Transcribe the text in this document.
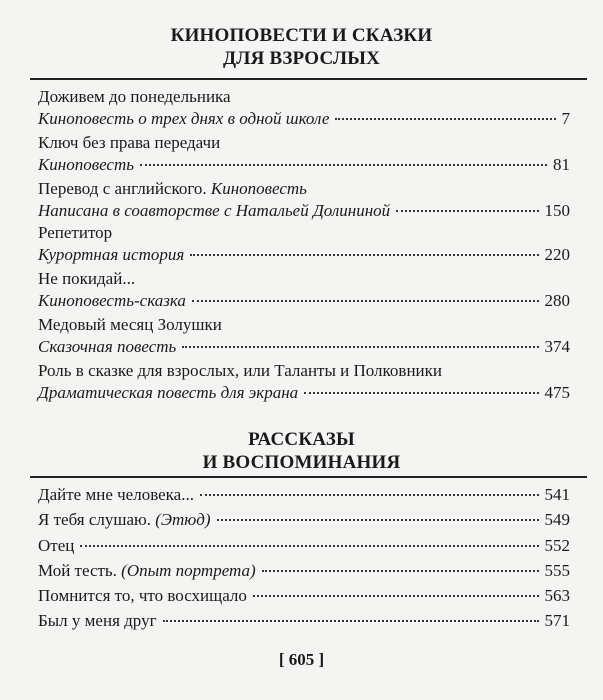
КИНОПОВЕСТИ И СКАЗКИ
ДЛЯ ВЗРОСЛЫХ
Доживем до понедельника
Киноповесть о трех днях в одной школе	7
Ключ без права передачи
Киноповесть	81
Перевод с английского. Киноповесть
Написана в соавторстве с Натальей Долининой	150
Репетитор
Курортная история	220
Не покидай...
Киноповесть-сказка	280
Медовый месяц Золушки
Сказочная повесть	374
Роль в сказке для взрослых, или Таланты и Полковники
Драматическая повесть для экрана	475
РАССКАЗЫ
И ВОСПОМИНАНИЯ
Дайте мне человека...	541
Я тебя слушаю. (Этюд)	549
Отец	552
Мой тесть. (Опыт портрета)	555
Помнится то, что восхищало	563
Был у меня друг	571
[ 605 ]
